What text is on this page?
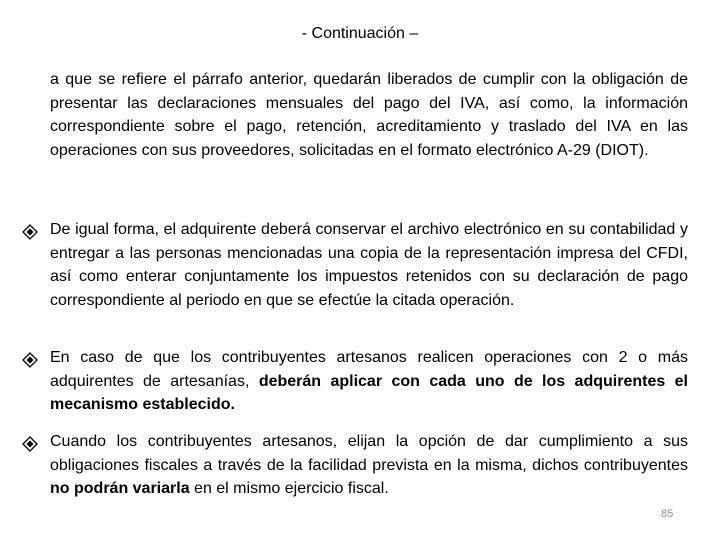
- Continuación –
a que se refiere el párrafo anterior, quedarán liberados de cumplir con la obligación de presentar las declaraciones mensuales del pago del IVA, así como, la información correspondiente sobre el pago, retención, acreditamiento y traslado del IVA en las operaciones con sus proveedores, solicitadas en el formato electrónico A-29 (DIOT).
De igual forma, el adquirente deberá conservar el archivo electrónico en su contabilidad y entregar a las personas mencionadas una copia de la representación impresa del CFDI, así como enterar conjuntamente los impuestos retenidos con su declaración de pago correspondiente al periodo en que se efectúe la citada operación.
En caso de que los contribuyentes artesanos realicen operaciones con 2 o más adquirentes de artesanías, deberán aplicar con cada uno de los adquirentes el mecanismo establecido.
Cuando los contribuyentes artesanos, elijan la opción de dar cumplimiento a sus obligaciones fiscales a través de la facilidad prevista en la misma, dichos contribuyentes no podrán variarla en el mismo ejercicio fiscal.
85
